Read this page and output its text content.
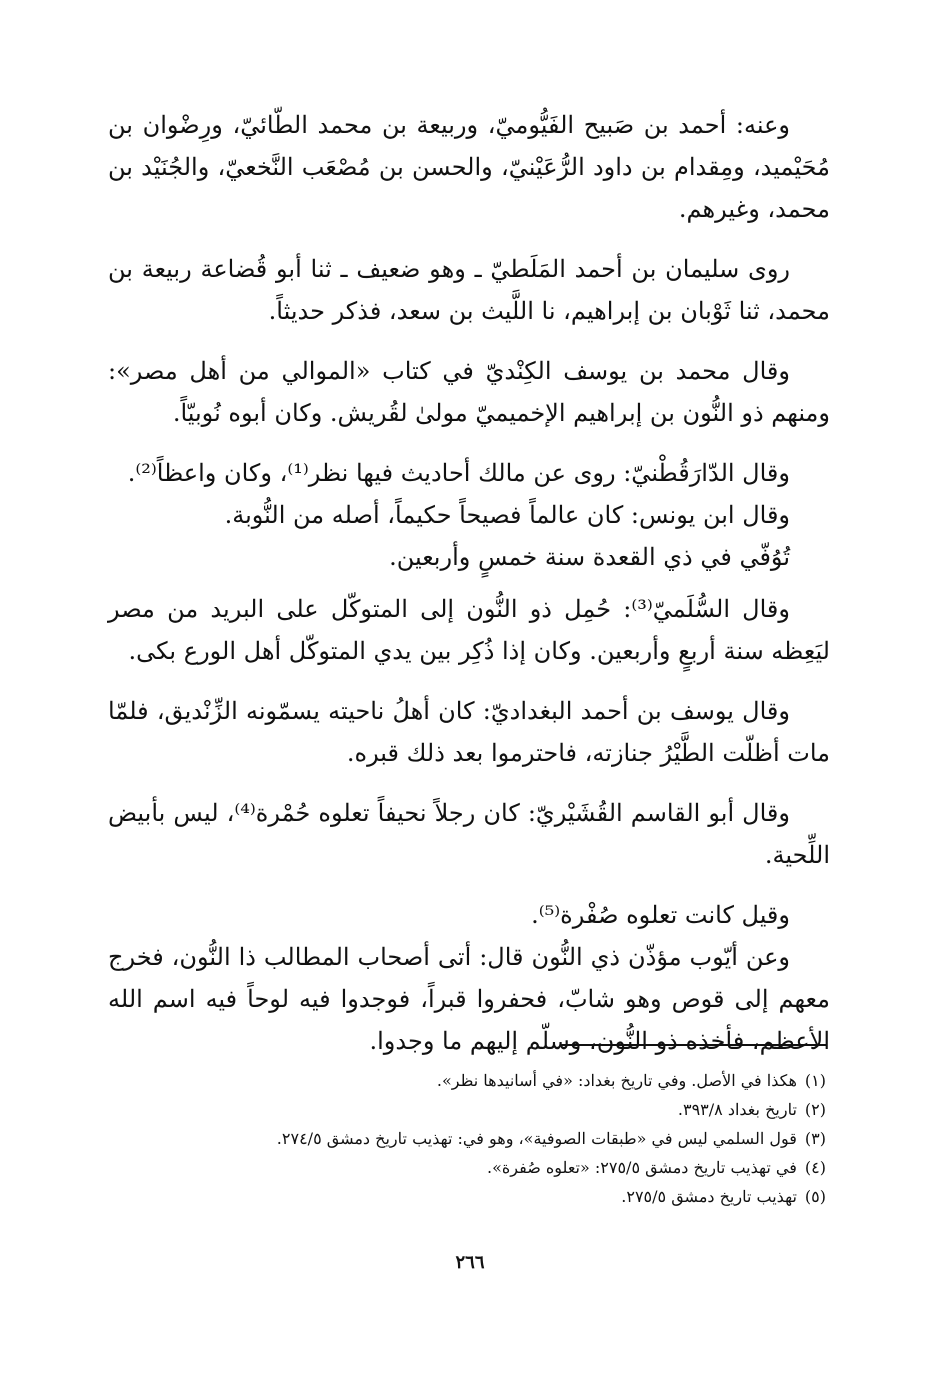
وعنه: أحمد بن صَبيح الفَيُّوميّ، وربيعة بن محمد الطّائيّ، ورِضْوان بن مُحَيْميد، ومِقدام بن داود الرُّعَيْنيّ، والحسن بن مُصْعَب النَّخعيّ، والجُنَيْد بن محمد، وغيرهم.

روى سليمان بن أحمد المَلَطيّ ـ وهو ضعيف ـ ثنا أبو قُضاعة ربيعة بن محمد، ثنا ثَوْبان بن إبراهيم، نا اللَّيث بن سعد، فذكر حديثاً.

وقال محمد بن يوسف الكِنْديّ في كتاب «الموالي من أهل مصر»: ومنهم ذو النُّون بن إبراهيم الإخميميّ مولىٰ لقُريش. وكان أبوه نُوبيّاً.

وقال الدّارَقُطْنيّ: روى عن مالك أحاديث فيها نظر⁽¹⁾، وكان واعظاً⁽²⁾.

وقال ابن يونس: كان عالماً فصيحاً حكيماً، أصله من النُّوبة.

تُوُفّي في ذي القعدة سنة خمسٍ وأربعين.

وقال السُّلَميّ⁽³⁾: حُمِل ذو النُّون إلى المتوكّل على البريد من مصر ليَعِظه سنة أربعٍ وأربعين. وكان إذا ذُكِر بين يدي المتوكّل أهل الورع بكى.

وقال يوسف بن أحمد البغداديّ: كان أهلُ ناحيته يسمّونه الزِّنْديق، فلمّا مات أظلّت الطَّيْرُ جنازته، فاحترموا بعد ذلك قبره.

وقال أبو القاسم القُشَيْريّ: كان رجلاً نحيفاً تعلوه حُمْرة⁽⁴⁾، ليس بأبيض اللِّحية.

وقيل كانت تعلوه صُفْرة⁽⁵⁾.

وعن أيّوب مؤذّن ذي النُّون قال: أتى أصحاب المطالب ذا النُّون، فخرج معهم إلى قوص وهو شابّ، فحفروا قبراً، فوجدوا فيه لوحاً فيه اسم الله الأعظم، فأخذه ذو النُّون، وسلّم إليهم ما وجدوا.

(١)هكذا في الأصل. وفي تاريخ بغداد: «في أسانيدها نظر».
(٢)تاريخ بغداد ٣٩٣/٨.
(٣)قول السلمي ليس في «طبقات الصوفية»، وهو في: تهذيب تاريخ دمشق ٢٧٤/٥.
(٤)في تهذيب تاريخ دمشق ٢٧٥/٥: «تعلوه صُفرة».
(٥)تهذيب تاريخ دمشق ٢٧٥/٥.
٢٦٦
